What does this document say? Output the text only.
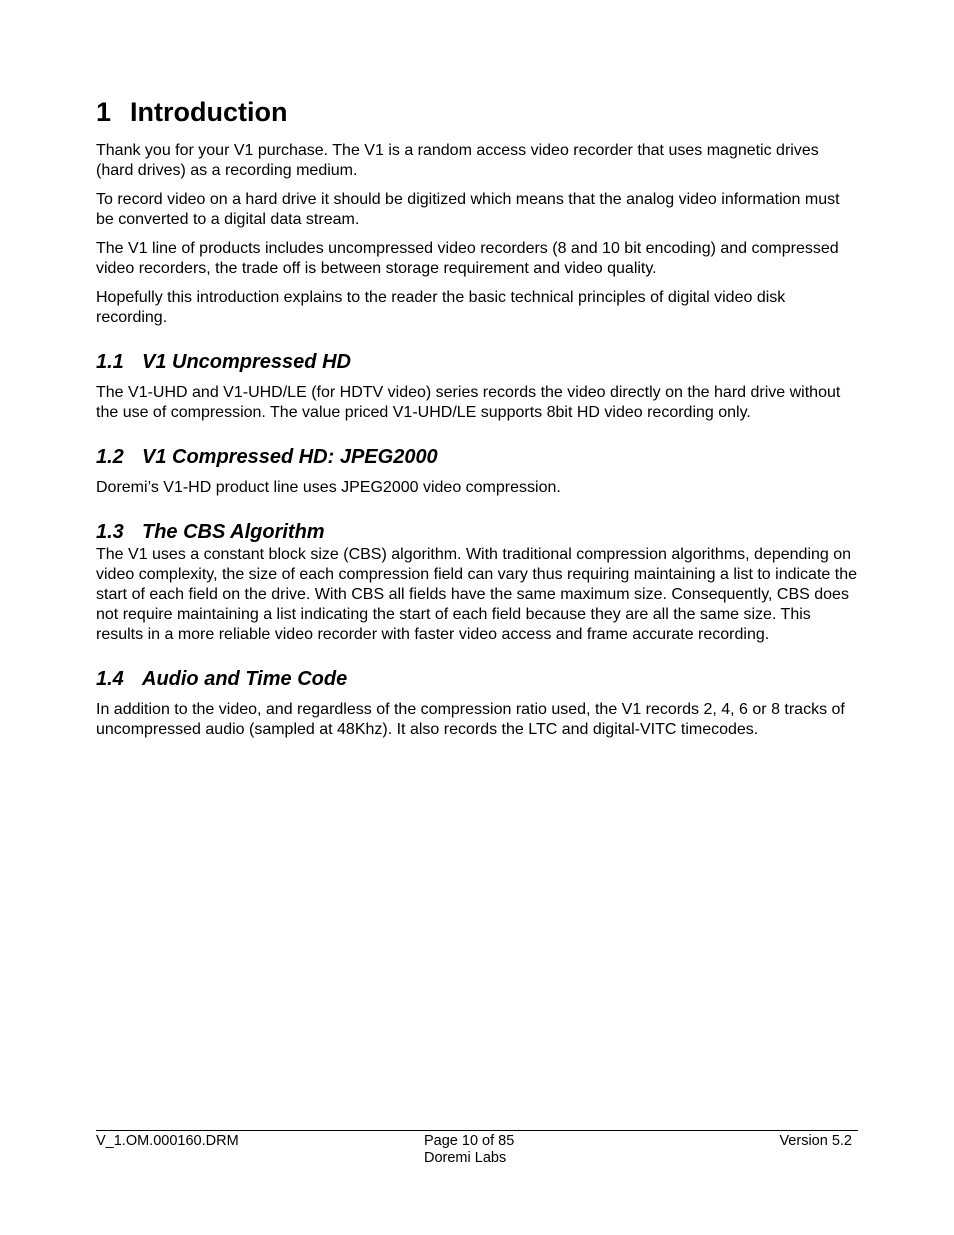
1 Introduction

Thank you for your V1 purchase. The V1 is a random access video recorder that uses magnetic drives (hard drives) as a recording medium.

To record video on a hard drive it should be digitized which means that the analog video information must be converted to a digital data stream.

The V1 line of products includes uncompressed video recorders (8 and 10 bit encoding) and compressed video recorders, the trade off is between storage requirement and video quality.

Hopefully this introduction explains to the reader the basic technical principles of digital video disk recording.

1.1 V1 Uncompressed HD

The V1-UHD and V1-UHD/LE (for HDTV video) series records the video directly on the hard drive without the use of compression. The value priced V1-UHD/LE supports 8bit HD video recording only.

1.2 V1 Compressed HD: JPEG2000

Doremi’s V1-HD product line uses JPEG2000 video compression.

1.3 The CBS Algorithm

The V1 uses a constant block size (CBS) algorithm. With traditional compression algorithms, depending on video complexity, the size of each compression field can vary thus requiring maintaining a list to indicate the start of each field on the drive. With CBS all fields have the same maximum size. Consequently, CBS does not require maintaining a list indicating the start of each field because they are all the same size. This results in a more reliable video recorder with faster video access and frame accurate recording.

1.4 Audio and Time Code

In addition to the video, and regardless of the compression ratio used, the V1 records 2, 4, 6 or 8 tracks of uncompressed audio (sampled at 48Khz). It also records the LTC and digital-VITC timecodes.

V_1.OM.000160.DRM	Page 10 of 85
Doremi Labs
Version 5.2
